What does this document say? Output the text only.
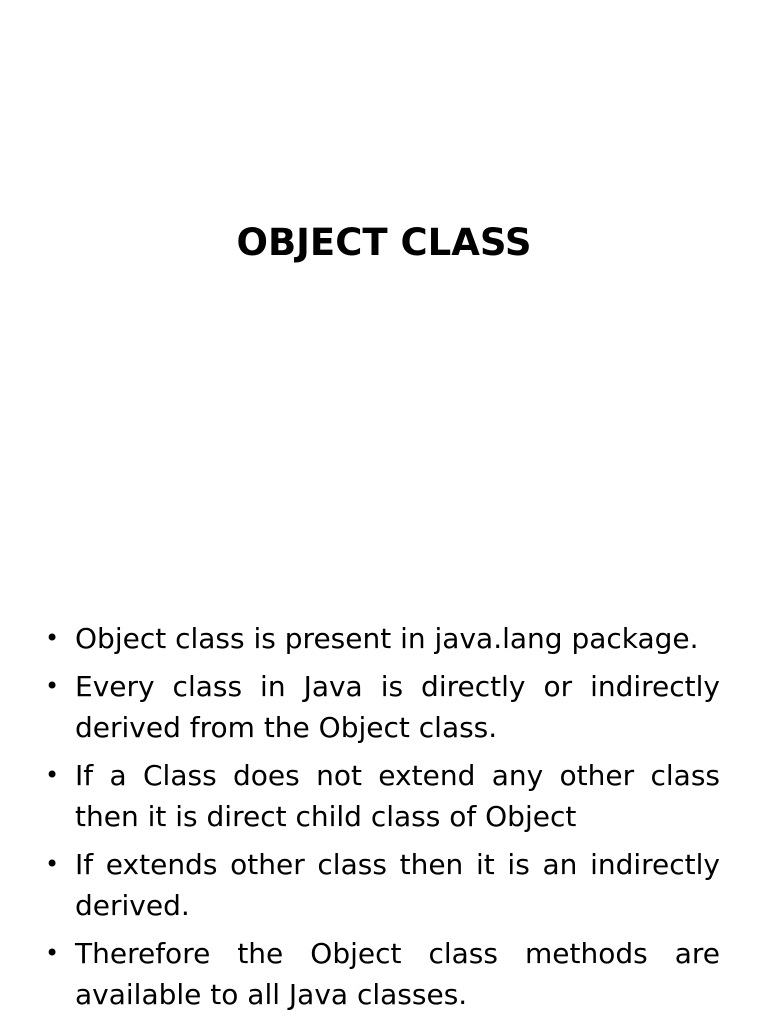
OBJECT CLASS
• Object class is present in java.lang package.
• Every class in Java is directly or indirectly derived from the Object class.
• If a Class does not extend any other class then it is direct child class of Object
• If extends other class then it is an indirectly derived.
• Therefore the Object class methods are available to all Java classes.
